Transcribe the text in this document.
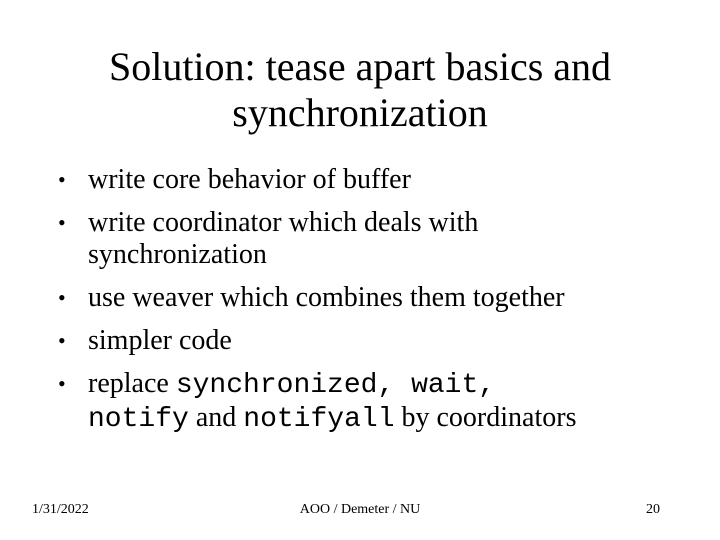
Solution: tease apart basics and
synchronization
• write core behavior of buffer
• write coordinator which deals with
synchronization
• use weaver which combines them together
• simpler code
• replace synchronized, wait,
notify and notifyall by coordinators
1/31/2022	AOO / Demeter / NU	20
